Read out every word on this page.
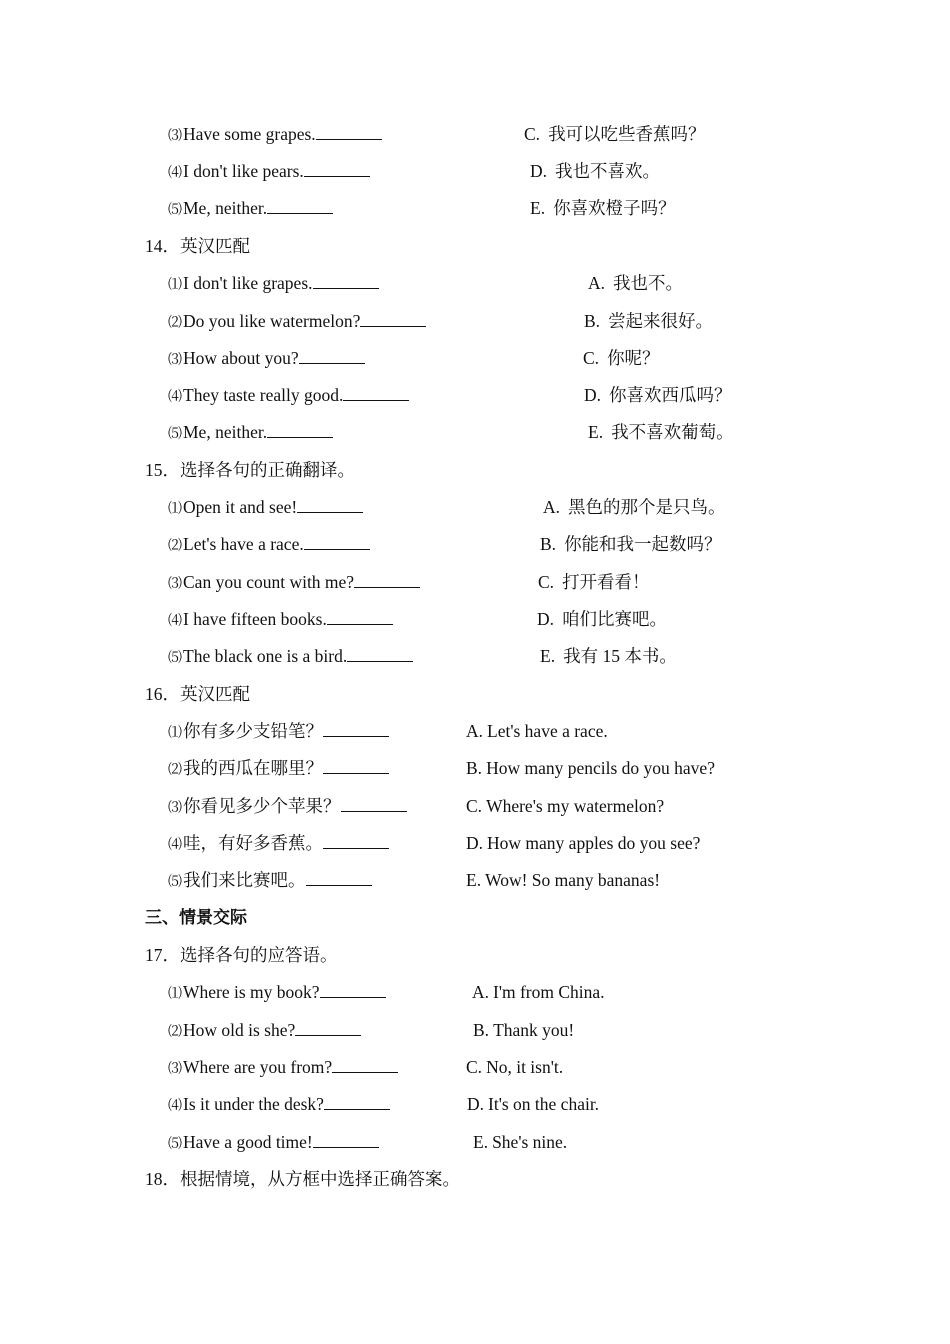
⑶Have some grapes.
⑷I don't like pears.
⑸Me, neither.
C. 我可以吃些香蕉吗？
D. 我也不喜欢。
E. 你喜欢橙子吗？
14．英汉匹配
⑴I don't like grapes.
⑵Do you like watermelon?
⑶How about you?
⑷They taste really good.
⑸Me, neither.
A. 我也不。
B. 尝起来很好。
C. 你呢？
D. 你喜欢西瓜吗？
E. 我不喜欢葡萄。
15．选择各句的正确翻译。
⑴Open it and see!
⑵Let's have a race.
⑶Can you count with me?
⑷I have fifteen books.
⑸The black one is a bird.
A. 黑色的那个是只鸟。
B. 你能和我一起数吗？
C. 打开看看！
D. 咱们比赛吧。
E. 我有 15 本书。
16．英汉匹配
⑴你有多少支铅笔？
⑵我的西瓜在哪里？
⑶你看见多少个苹果？
⑷哇，有好多香蕉。
⑸我们来比赛吧。
A. Let's have a race.
B. How many pencils do you have?
C. Where's my watermelon?
D. How many apples do you see?
E. Wow! So many bananas!
三、情景交际
17．选择各句的应答语。
⑴Where is my book?
⑵How old is she?
⑶Where are you from?
⑷Is it under the desk?
⑸Have a good time!
A. I'm from China.
B. Thank you!
C. No, it isn't.
D. It's on the chair.
E. She's nine.
18．根据情境，从方框中选择正确答案。
